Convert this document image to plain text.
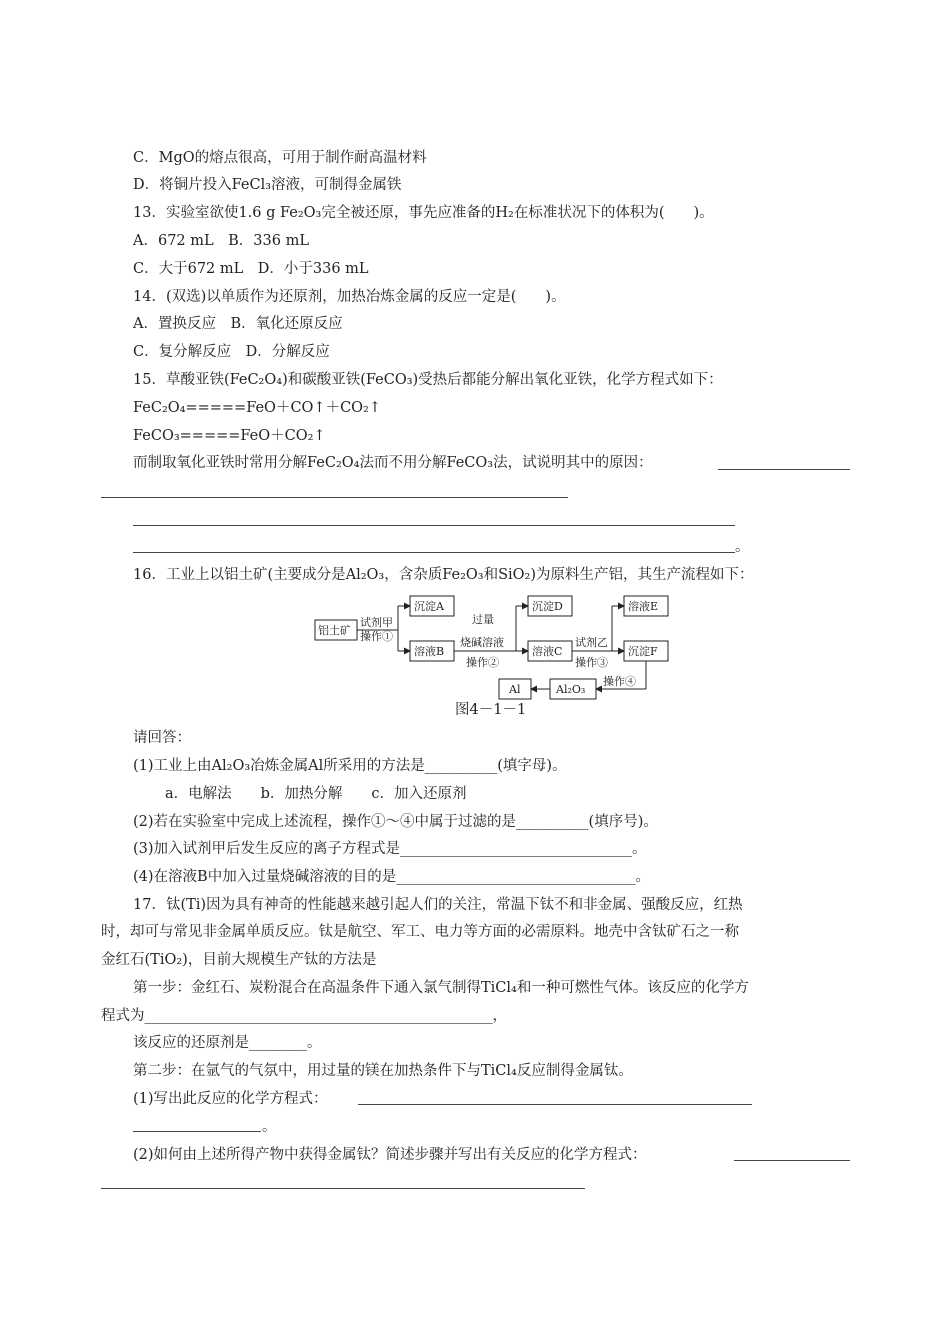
C．MgO的熔点很高，可用于制作耐高温材料
D．将铜片投入FeCl₃溶液，可制得金属铁
13．实验室欲使1.6 g Fe₂O₃完全被还原，事先应准备的H₂在标准状况下的体积为(　　)。
A．672 mL　B．336 mL
C．大于672 mL　D．小于336 mL
14．(双选)以单质作为还原剂，加热冶炼金属的反应一定是(　　)。
A．置换反应　B．氧化还原反应
C．复分解反应　D．分解反应
15．草酸亚铁(FeC₂O₄)和碳酸亚铁(FeCO₃)受热后都能分解出氧化亚铁，化学方程式如下：
FeC₂O₄=====FeO＋CO↑＋CO₂↑
FeCO₃=====FeO＋CO₂↑
而制取氧化亚铁时常用分解FeC₂O₄法而不用分解FeCO₃法，试说明其中的原因：
。
16．工业上以铝土矿(主要成分是Al₂O₃，含杂质Fe₂O₃和SiO₂)为原料生产铝，其生产流程如下：
铝土矿
沉淀A
溶液B
沉淀D
溶液C
溶液E
沉淀F
Al₂O₃
Al
试剂甲
操作①
过量
烧碱溶液
操作②
试剂乙
操作③
操作④
图4－1－1
请回答：
(1)工业上由Al₂O₃冶炼金属Al所采用的方法是__________(填字母)。
a．电解法　　b．加热分解　　c．加入还原剂
(2)若在实验室中完成上述流程，操作①～④中属于过滤的是__________(填序号)。
(3)加入试剂甲后发生反应的离子方程式是________________________________。
(4)在溶液B中加入过量烧碱溶液的目的是_________________________________。
17．钛(Ti)因为具有神奇的性能越来越引起人们的关注，常温下钛不和非金属、强酸反应，红热
时，却可与常见非金属单质反应。钛是航空、军工、电力等方面的必需原料。地壳中含钛矿石之一称
金红石(TiO₂)，目前大规模生产钛的方法是
第一步：金红石、炭粉混合在高温条件下通入氯气制得TiCl₄和一种可燃性气体。该反应的化学方
程式为________________________________________________，
该反应的还原剂是________。
第二步：在氩气的气氛中，用过量的镁在加热条件下与TiCl₄反应制得金属钛。
(1)写出此反应的化学方程式：
。
(2)如何由上述所得产物中获得金属钛？简述步骤并写出有关反应的化学方程式：
